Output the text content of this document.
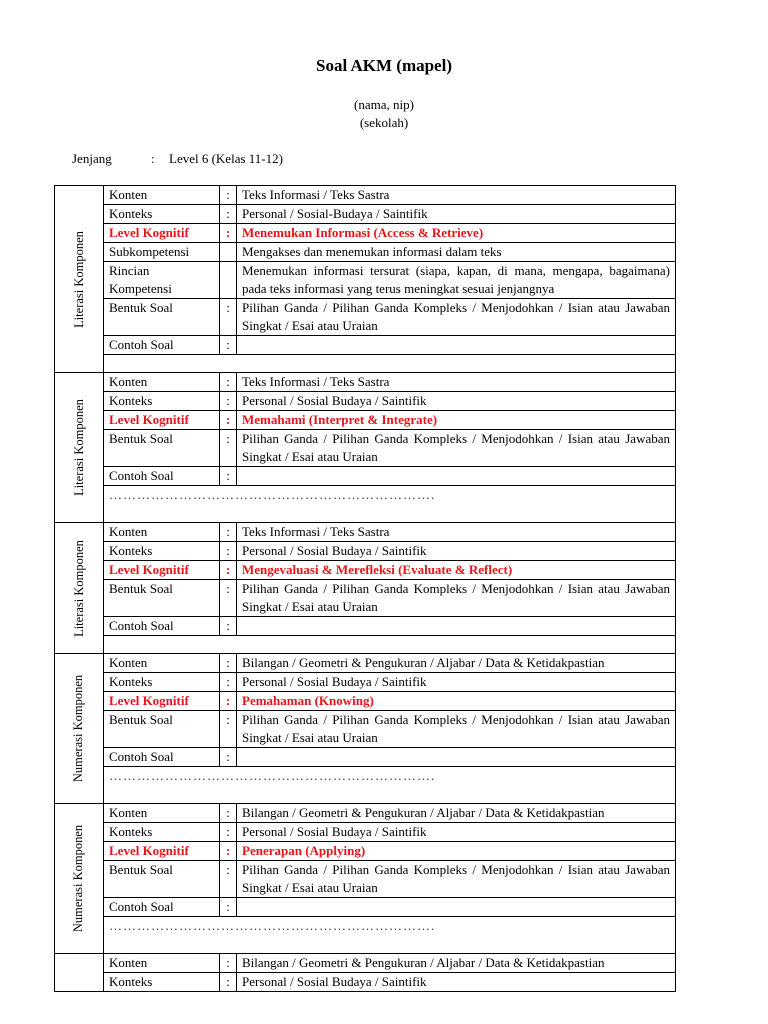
Soal AKM (mapel)
(nama, nip)
(sekolah)
Jenjang	: Level 6 (Kelas 11-12)
Literasi Komponen
Konten	:	Teks Informasi / Teks Sastra
Konteks	:	Personal / Sosial-Budaya / Saintifik
Level Kognitif	:	Menemukan Informasi (Access & Retrieve)
Subkompetensi		Mengakses dan menemukan informasi dalam teks
Rincian Kompetensi		Menemukan informasi tersurat (siapa, kapan, di mana, mengapa, bagaimana) pada teks informasi yang terus meningkat sesuai jenjangnya
Bentuk Soal	:	Pilihan Ganda / Pilihan Ganda Kompleks / Menjodohkan / Isian atau Jawaban Singkat / Esai atau Uraian
Contoh Soal	:	

Literasi Komponen
Konten	:	Teks Informasi / Teks Sastra
Konteks	:	Personal / Sosial Budaya / Saintifik
Level Kognitif	:	Memahami (Interpret & Integrate)
Bentuk Soal	:	Pilihan Ganda / Pilihan Ganda Kompleks / Menjodohkan / Isian atau Jawaban Singkat / Esai atau Uraian
Contoh Soal	:	
…………………………………………………………….		
Literasi Komponen
Konten	:	Teks Informasi / Teks Sastra
Konteks	:	Personal / Sosial Budaya / Saintifik
Level Kognitif	:	Mengevaluasi & Merefleksi (Evaluate & Reflect)
Bentuk Soal	:	Pilihan Ganda / Pilihan Ganda Kompleks / Menjodohkan / Isian atau Jawaban Singkat / Esai atau Uraian
Contoh Soal	:	

Numerasi Komponen
Konten	:	Bilangan / Geometri & Pengukuran / Aljabar / Data & Ketidakpastian
Konteks	:	Personal / Sosial Budaya / Saintifik
Level Kognitif	:	Pemahaman (Knowing)
Bentuk Soal	:	Pilihan Ganda / Pilihan Ganda Kompleks / Menjodohkan / Isian atau Jawaban Singkat / Esai atau Uraian
Contoh Soal	:	
…………………………………………………………….		
Numerasi Komponen
Konten	:	Bilangan / Geometri & Pengukuran / Aljabar / Data & Ketidakpastian
Konteks	:	Personal / Sosial Budaya / Saintifik
Level Kognitif	:	Penerapan (Applying)
Bentuk Soal	:	Pilihan Ganda / Pilihan Ganda Kompleks / Menjodohkan / Isian atau Jawaban Singkat / Esai atau Uraian
Contoh Soal	:	
…………………………………………………………….		
Konten	:	Bilangan / Geometri & Pengukuran / Aljabar / Data & Ketidakpastian
Konteks	:	Personal / Sosial Budaya / Saintifik
